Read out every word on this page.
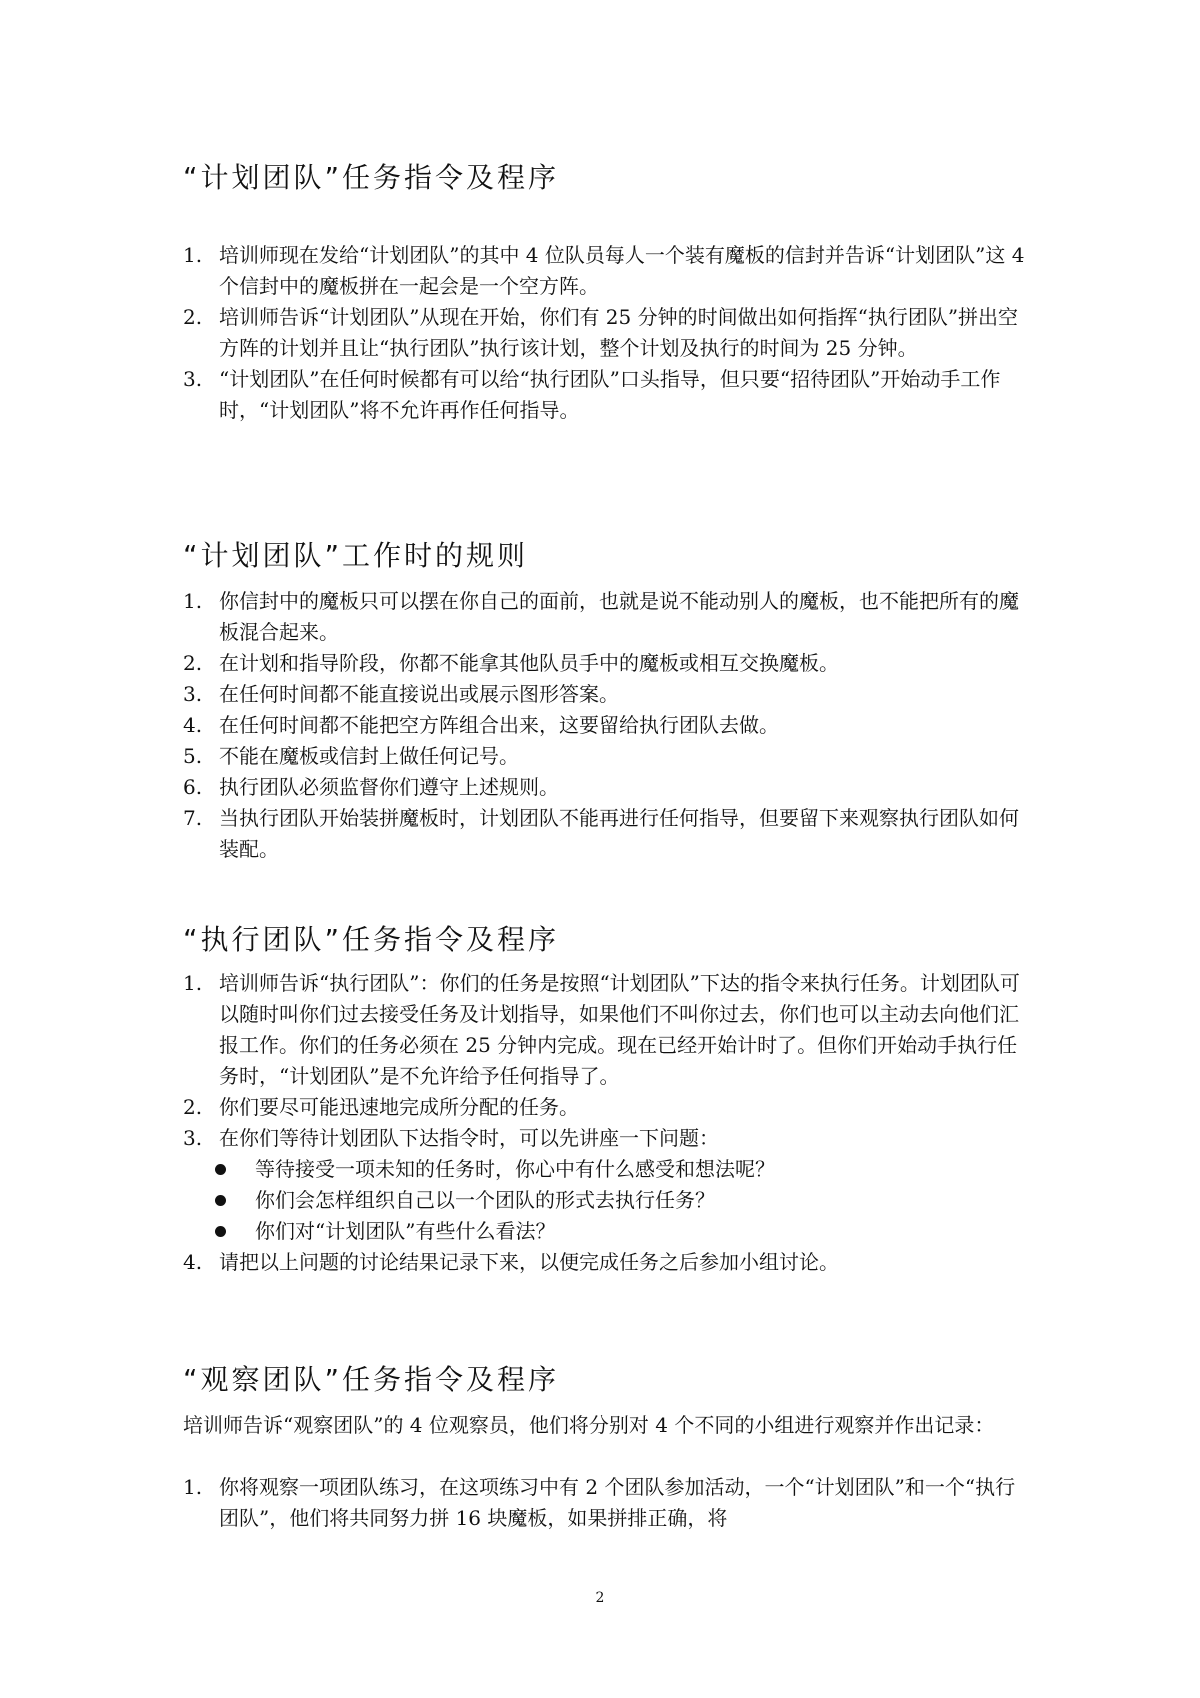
“计划团队”任务指令及程序
1. 培训师现在发给“计划团队”的其中 4 位队员每人一个装有魔板的信封并告诉“计划团队”这 4 个信封中的魔板拼在一起会是一个空方阵。
2. 培训师告诉“计划团队”从现在开始，你们有 25 分钟的时间做出如何指挥“执行团队”拼出空方阵的计划并且让“执行团队”执行该计划，整个计划及执行的时间为 25 分钟。
3. “计划团队”在任何时候都有可以给“执行团队”口头指导，但只要“招待团队”开始动手工作时，“计划团队”将不允许再作任何指导。
“计划团队”工作时的规则
1. 你信封中的魔板只可以摆在你自己的面前，也就是说不能动别人的魔板，也不能把所有的魔板混合起来。
2. 在计划和指导阶段，你都不能拿其他队员手中的魔板或相互交换魔板。
3. 在任何时间都不能直接说出或展示图形答案。
4. 在任何时间都不能把空方阵组合出来，这要留给执行团队去做。
5. 不能在魔板或信封上做任何记号。
6. 执行团队必须监督你们遵守上述规则。
7. 当执行团队开始装拼魔板时，计划团队不能再进行任何指导，但要留下来观察执行团队如何装配。
“执行团队”任务指令及程序
1. 培训师告诉“执行团队”：你们的任务是按照“计划团队”下达的指令来执行任务。计划团队可以随时叫你们过去接受任务及计划指导，如果他们不叫你过去，你们也可以主动去向他们汇报工作。你们的任务必须在 25 分钟内完成。现在已经开始计时了。但你们开始动手执行任务时，“计划团队”是不允许给予任何指导了。
2. 你们要尽可能迅速地完成所分配的任务。
3. 在你们等待计划团队下达指令时，可以先讲座一下问题：
等待接受一项未知的任务时，你心中有什么感受和想法呢？
你们会怎样组织自己以一个团队的形式去执行任务？
你们对“计划团队”有些什么看法？
4. 请把以上问题的讨论结果记录下来，以便完成任务之后参加小组讨论。
“观察团队”任务指令及程序

培训师告诉“观察团队”的 4 位观察员，他们将分别对 4 个不同的小组进行观察并作出记录：

1. 你将观察一项团队练习，在这项练习中有 2 个团队参加活动，一个“计划团队”和一个“执行团队”，他们将共同努力拼 16 块魔板，如果拼排正确，将
2
